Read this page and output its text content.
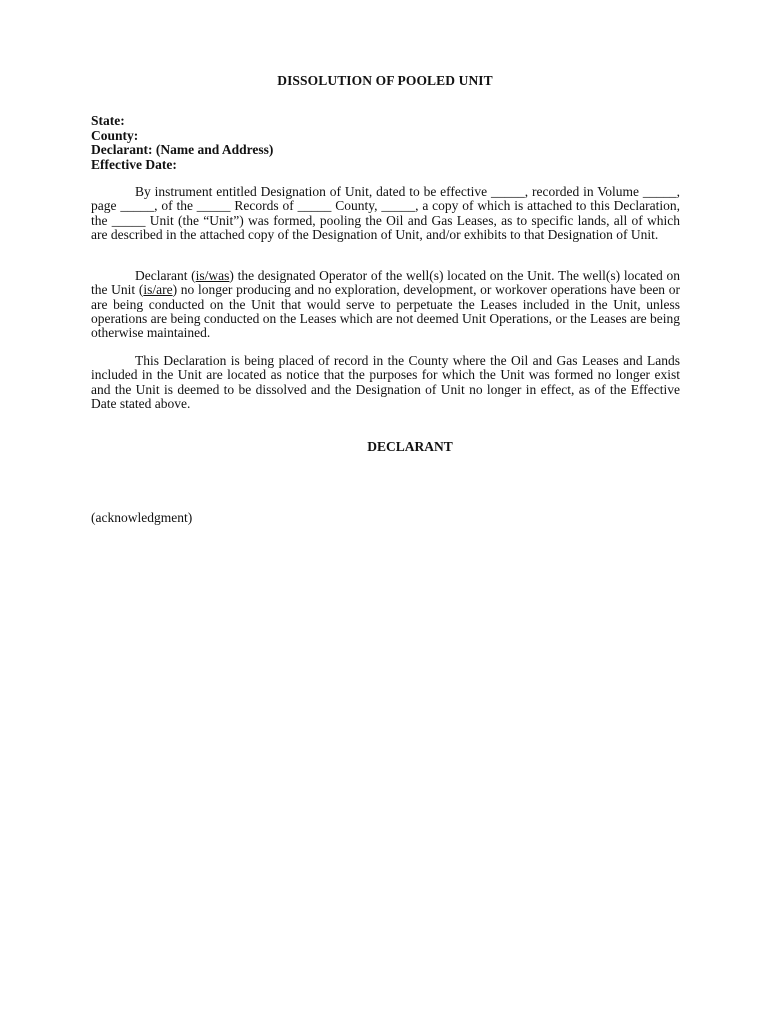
DISSOLUTION OF POOLED UNIT
State:
County:
Declarant: (Name and Address)
Effective Date:

By instrument entitled Designation of Unit, dated to be effective _____, recorded in Volume _____, page _____, of the _____ Records of _____ County, _____, a copy of which is attached to this Declaration, the _____ Unit (the “Unit”) was formed, pooling the Oil and Gas Leases, as to specific lands, all of which are described in the attached copy of the Designation of Unit, and/or exhibits to that Designation of Unit.

Declarant (is/was) the designated Operator of the well(s) located on the Unit. The well(s) located on the Unit (is/are) no longer producing and no exploration, development, or workover operations have been or are being conducted on the Unit that would serve to perpetuate the Leases included in the Unit, unless operations are being conducted on the Leases which are not deemed Unit Operations, or the Leases are being otherwise maintained.

This Declaration is being placed of record in the County where the Oil and Gas Leases and Lands included in the Unit are located as notice that the purposes for which the Unit was formed no longer exist and the Unit is deemed to be dissolved and the Designation of Unit no longer in effect, as of the Effective Date stated above.

DECLARANT
(acknowledgment)
